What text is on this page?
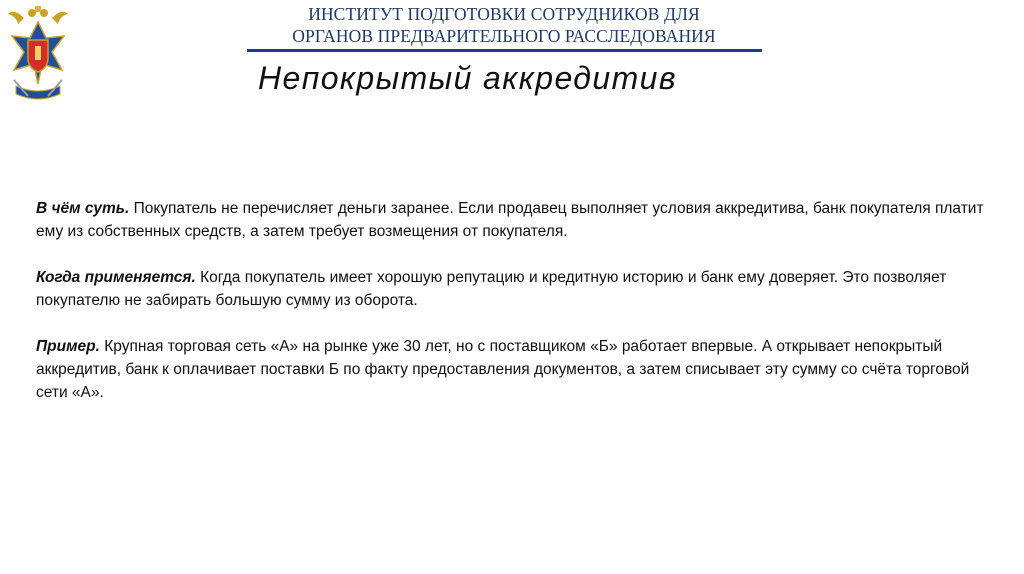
ИНСТИТУТ ПОДГОТОВКИ СОТРУДНИКОВ ДЛЯ
ОРГАНОВ ПРЕДВАРИТЕЛЬНОГО РАССЛЕДОВАНИЯ
Непокрытый аккредитив

В чём суть. Покупатель не перечисляет деньги заранее. Если продавец выполняет условия аккредитива, банк покупателя платит ему из собственных средств, а затем требует возмещения от покупателя.

Когда применяется. Когда покупатель имеет хорошую репутацию и кредитную историю и банк ему доверяет. Это позволяет покупателю не забирать большую сумму из оборота.

Пример. Крупная торговая сеть «А» на рынке уже 30 лет, но с поставщиком «Б» работает впервые. А открывает непокрытый аккредитив, банк к оплачивает поставки Б по факту предоставления документов, а затем списывает эту сумму со счёта торговой сети «А».
